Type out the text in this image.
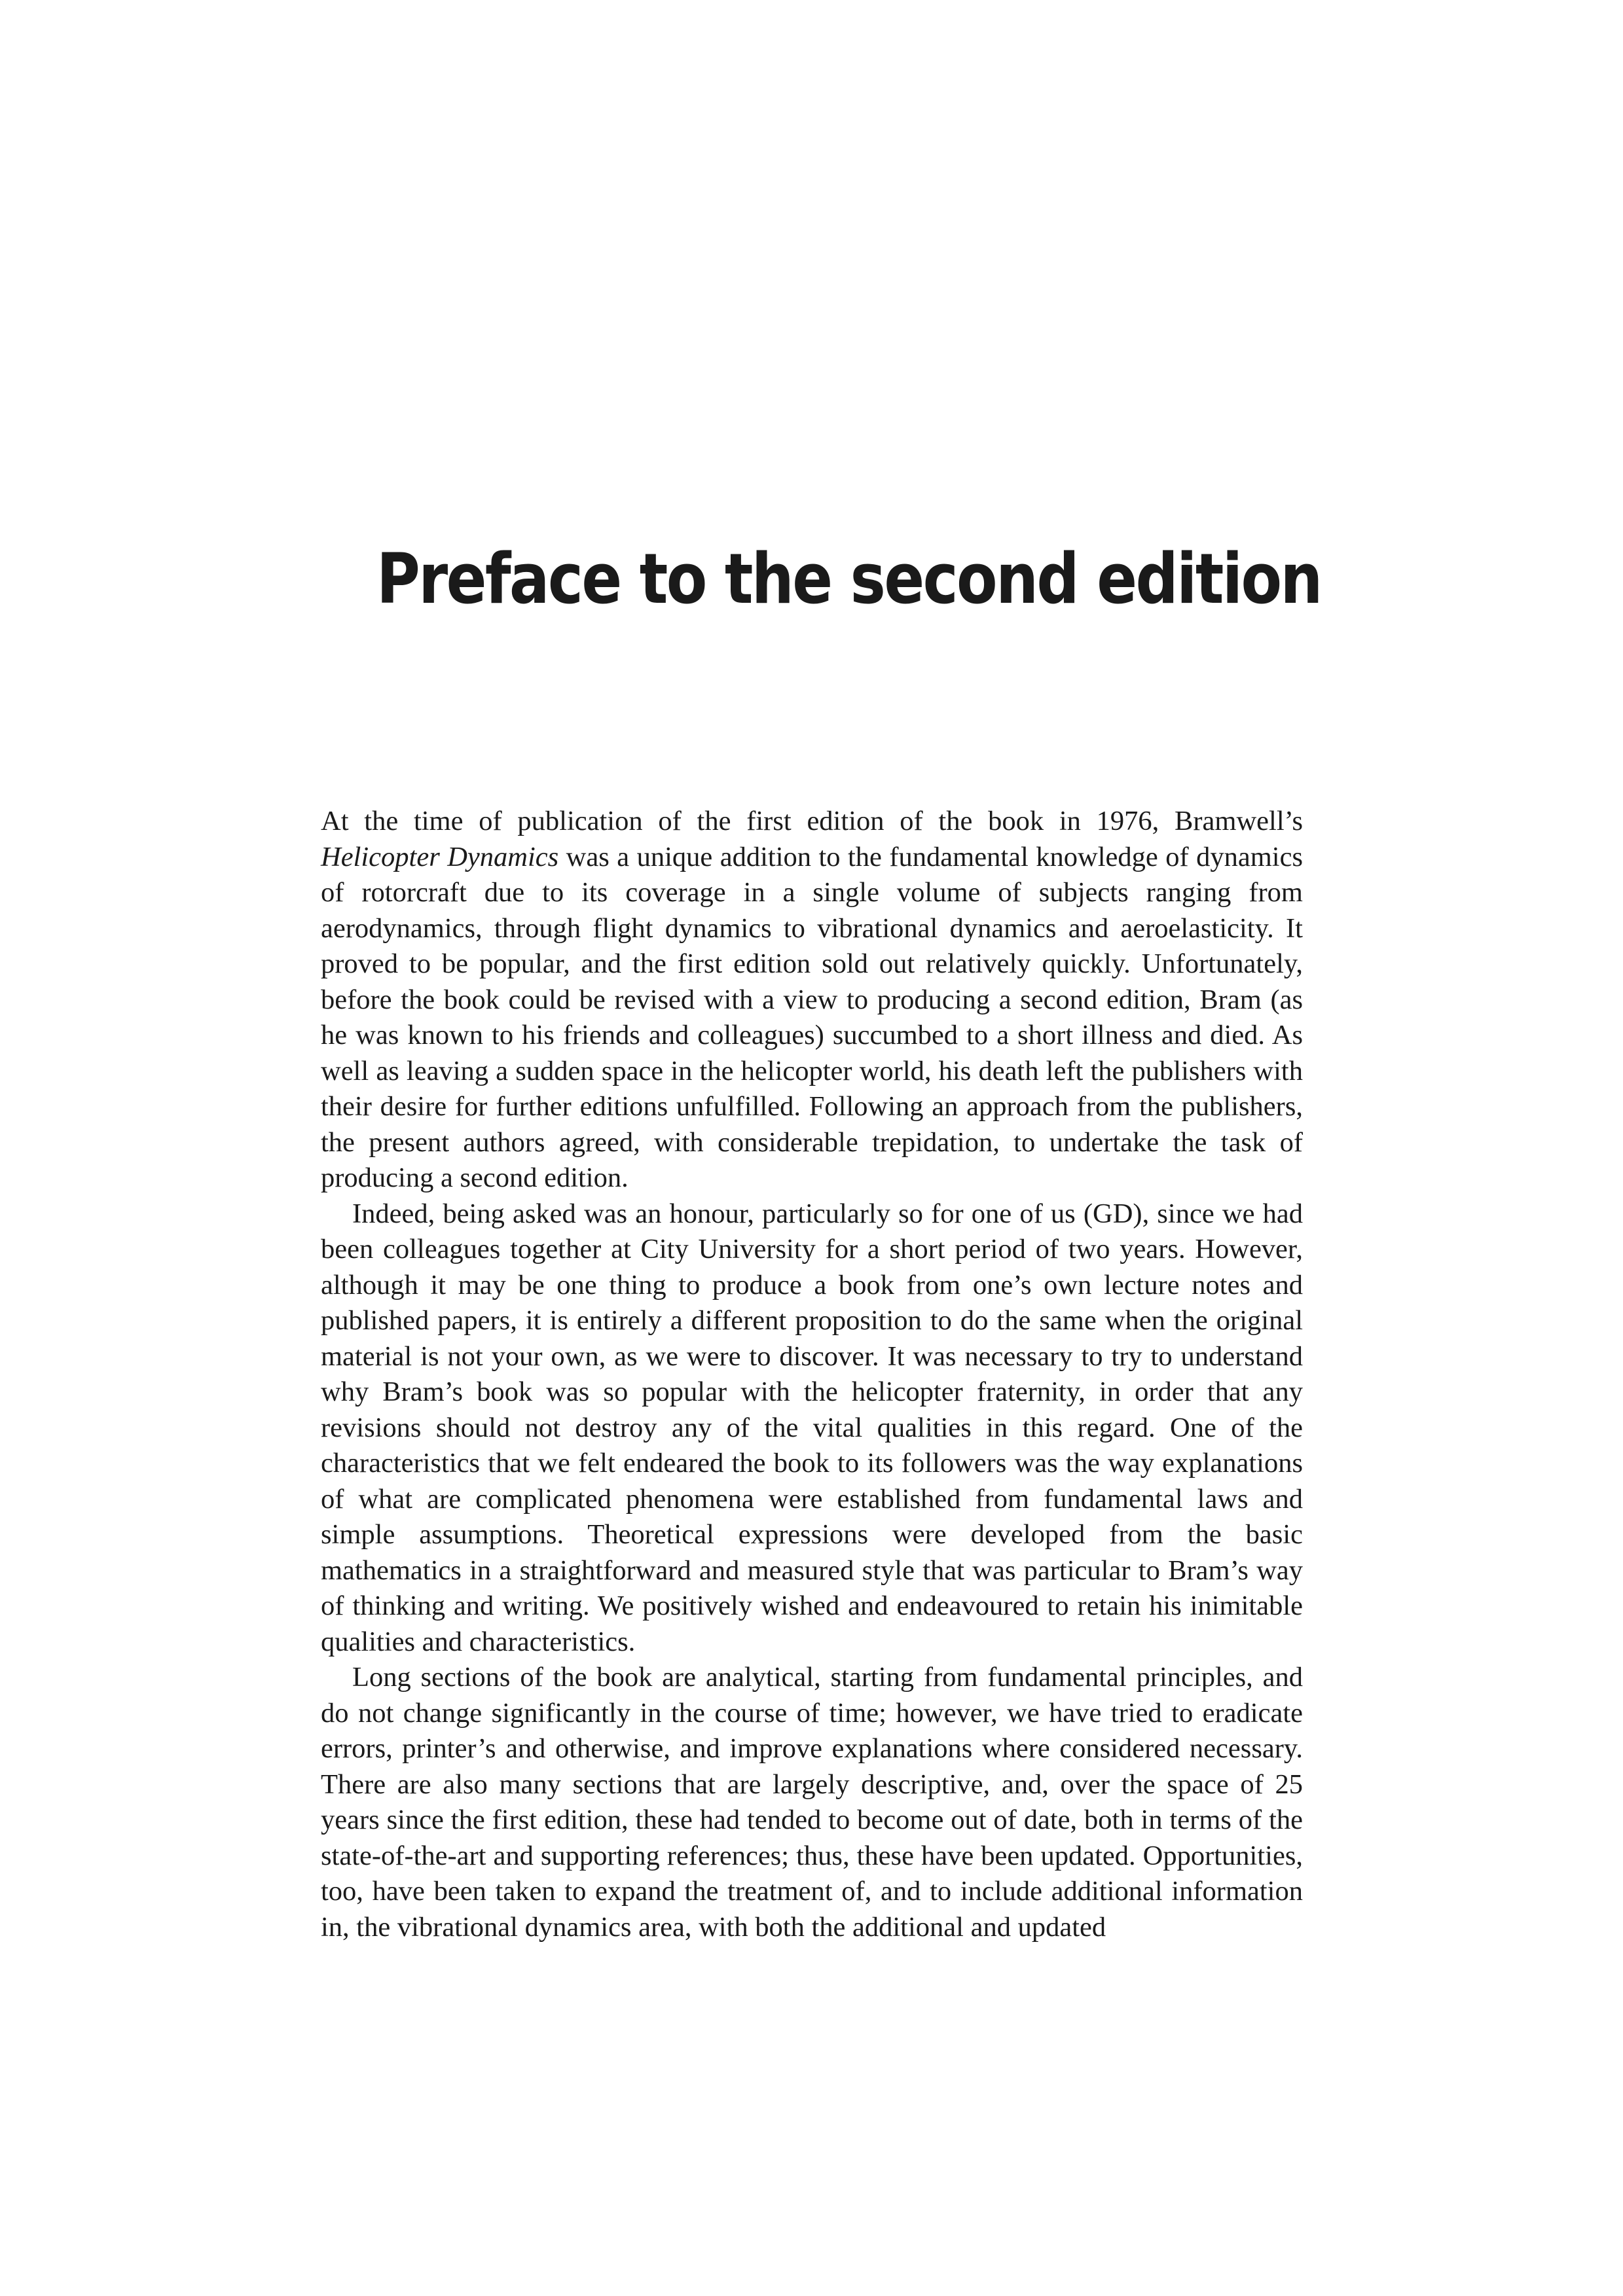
Preface to the second edition

At the time of publication of the first edition of the book in 1976, Bramwell’s Helicopter Dynamics was a unique addition to the fundamental knowledge of dynamics of rotorcraft due to its coverage in a single volume of subjects ranging from aerodynamics, through flight dynamics to vibrational dynamics and aeroelasticity. It proved to be popular, and the first edition sold out relatively quickly. Unfortunately, before the book could be revised with a view to producing a second edition, Bram (as he was known to his friends and colleagues) succumbed to a short illness and died. As well as leaving a sudden space in the helicopter world, his death left the publishers with their desire for further editions unfulfilled. Following an approach from the publishers, the present authors agreed, with considerable trepidation, to undertake the task of producing a second edition.

Indeed, being asked was an honour, particularly so for one of us (GD), since we had been colleagues together at City University for a short period of two years. However, although it may be one thing to produce a book from one’s own lecture notes and published papers, it is entirely a different proposition to do the same when the original material is not your own, as we were to discover. It was necessary to try to understand why Bram’s book was so popular with the helicopter fraternity, in order that any revisions should not destroy any of the vital qualities in this regard. One of the characteristics that we felt endeared the book to its followers was the way explanations of what are complicated phenomena were established from fundamental laws and simple assumptions. Theoretical expressions were developed from the basic mathematics in a straightforward and measured style that was particular to Bram’s way of thinking and writing. We positively wished and endeavoured to retain his inimitable qualities and characteristics.

Long sections of the book are analytical, starting from fundamental principles, and do not change significantly in the course of time; however, we have tried to eradicate errors, printer’s and otherwise, and improve explanations where considered necessary. There are also many sections that are largely descriptive, and, over the space of 25 years since the first edition, these had tended to become out of date, both in terms of the state-of-the-art and supporting references; thus, these have been updated. Opportunities, too, have been taken to expand the treatment of, and to include additional information in, the vibrational dynamics area, with both the additional and updated
